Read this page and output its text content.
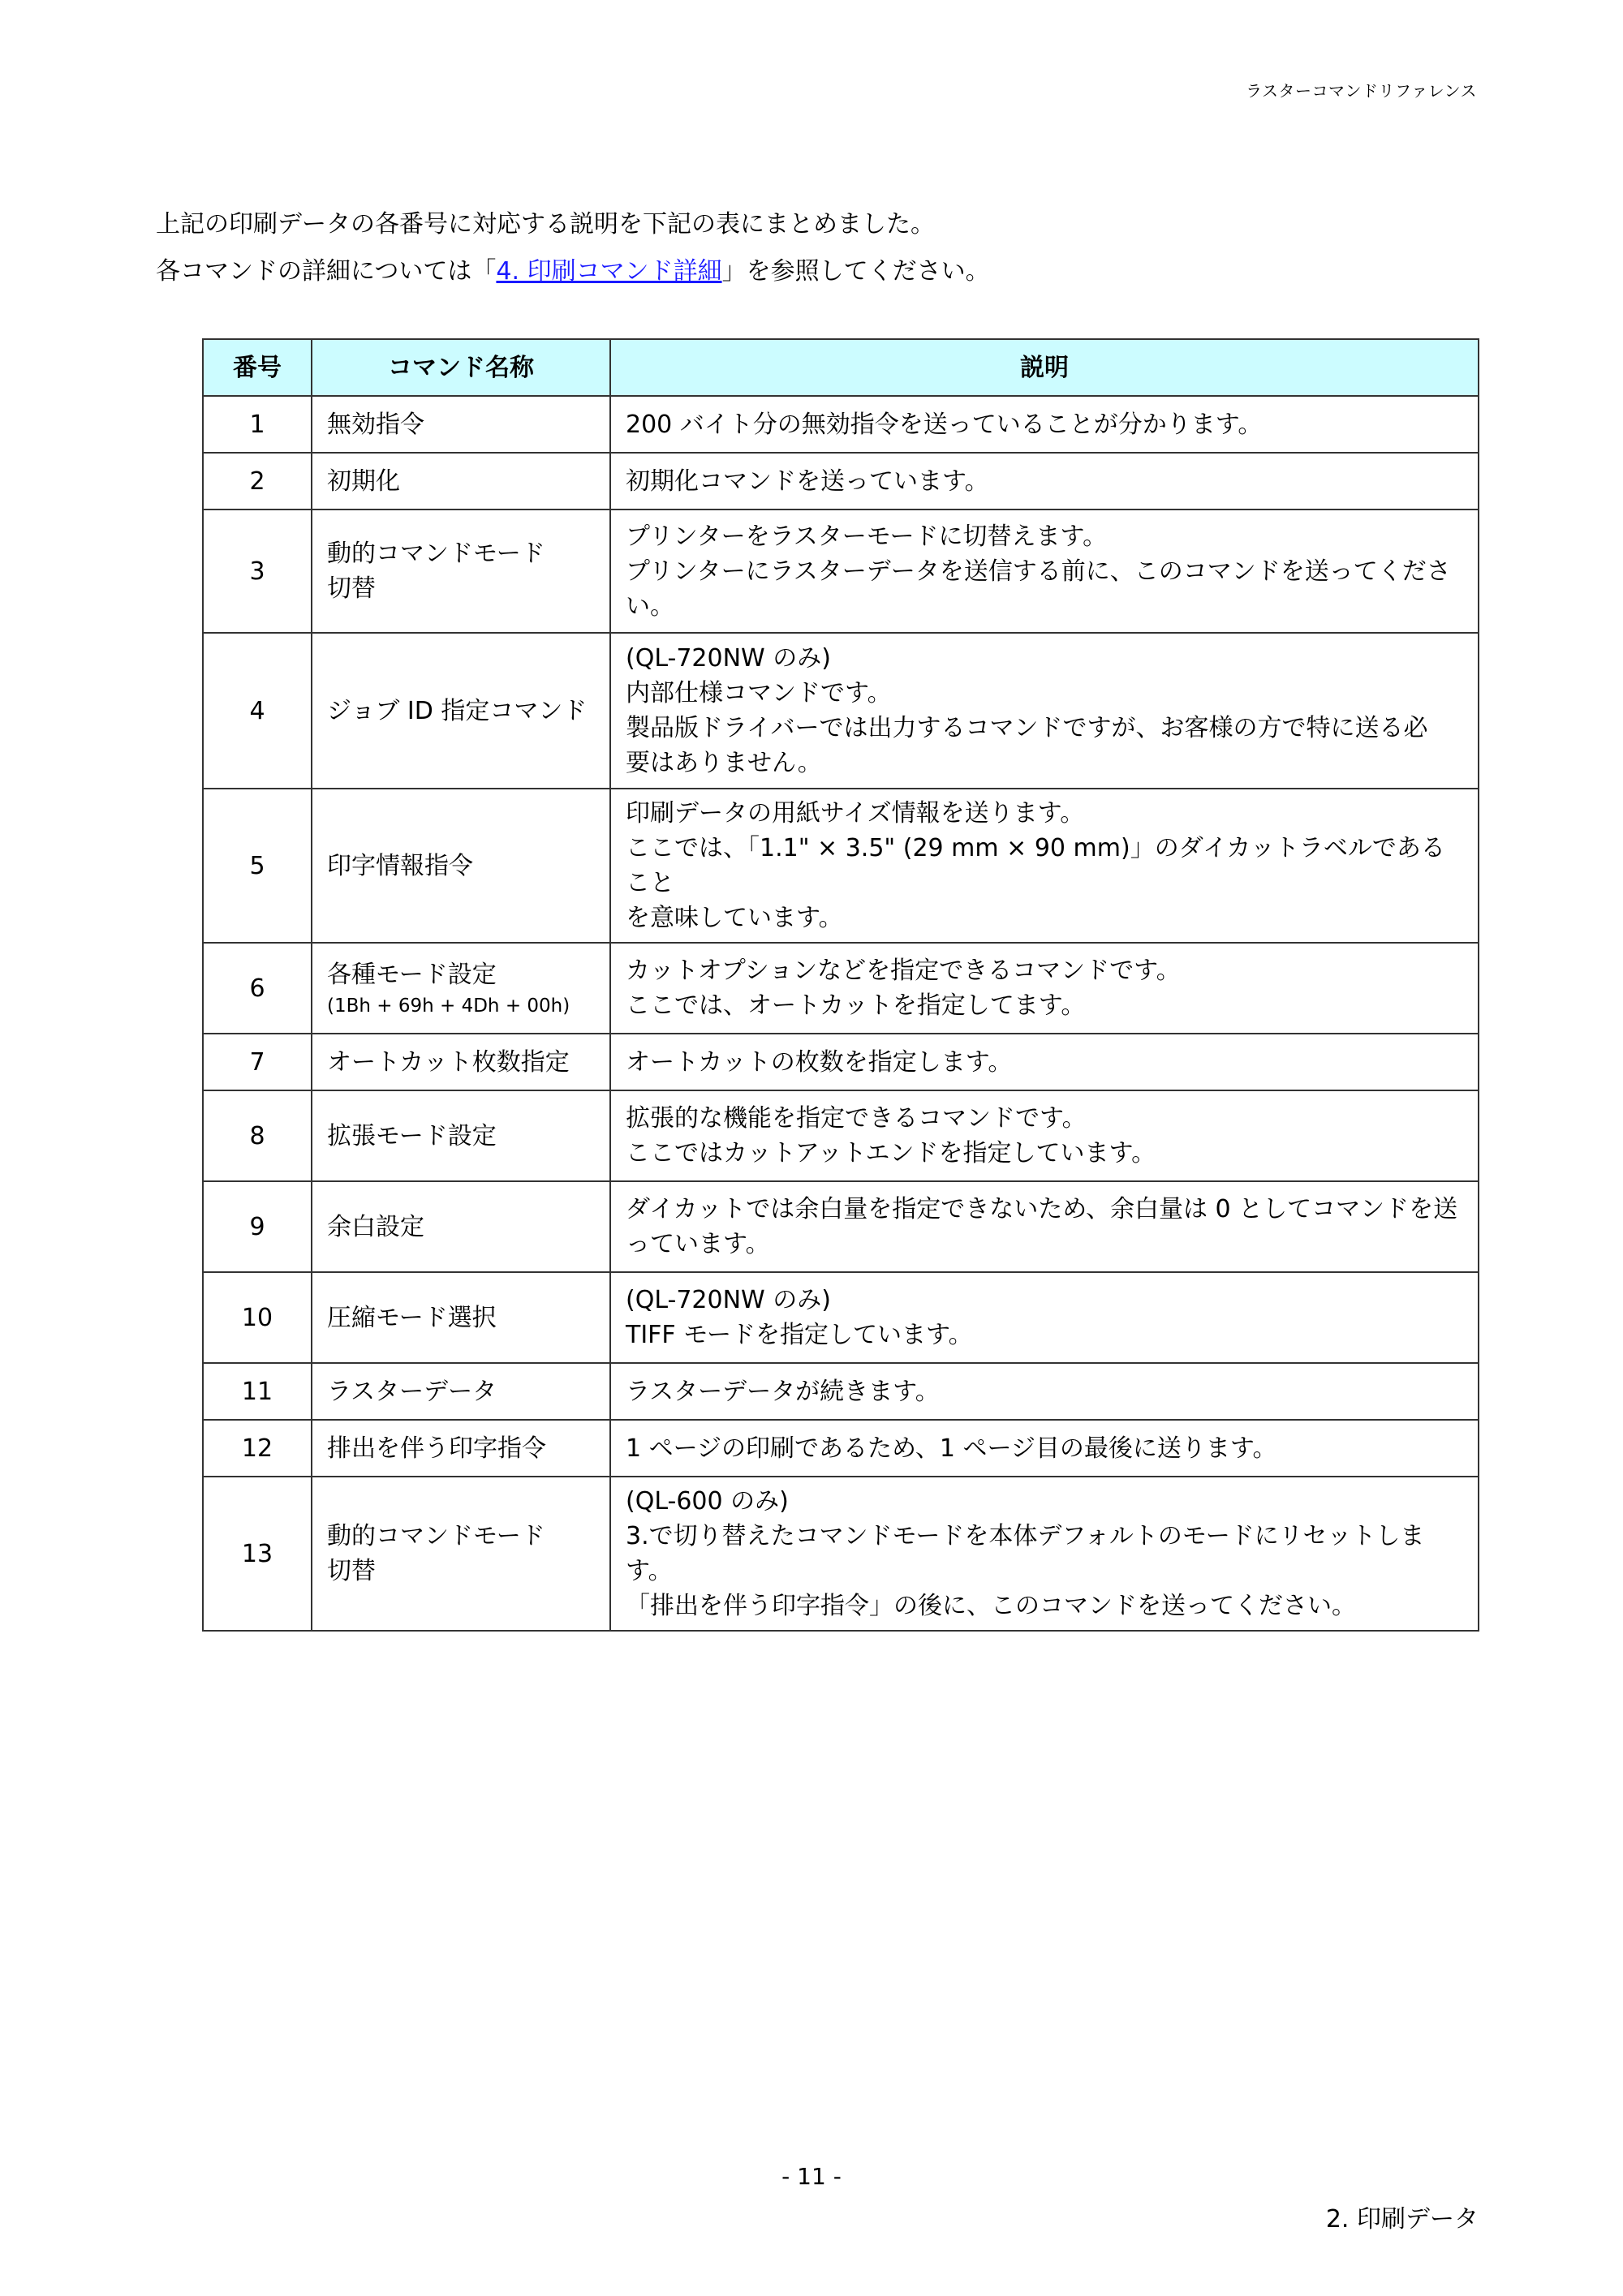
ラスターコマンドリファレンス

上記の印刷データの各番号に対応する説明を下記の表にまとめました。

各コマンドの詳細については「4. 印刷コマンド詳細」を参照してください。

番号	コマンド名称	説明
1	無効指令	200 バイト分の無効指令を送っていることが分かります。

2	初期化	初期化コマンドを送っています。

3	動的コマンドモード
切替	プリンターをラスターモードに切替えます。
プリンターにラスターデータを送信する前に、このコマンドを送ってくださ
い。

4	ジョブ ID 指定コマンド	(QL-720NW のみ)
内部仕様コマンドです。
製品版ドライバーでは出力するコマンドですが、お客様の方で特に送る必
要はありません。

5	印字情報指令	印刷データの用紙サイズ情報を送ります。
ここでは、「1.1" × 3.5" (29 mm × 90 mm)」のダイカットラベルであること
を意味しています。

6	各種モード設定
(1Bh + 69h + 4Dh + 00h)	カットオプションなどを指定できるコマンドです。
ここでは、オートカットを指定してます。

7	オートカット枚数指定	オートカットの枚数を指定します。

8	拡張モード設定	拡張的な機能を指定できるコマンドです。
ここではカットアットエンドを指定しています。

9	余白設定	ダイカットでは余白量を指定できないため、余白量は 0 としてコマンドを送
っています。

10	圧縮モード選択	(QL-720NW のみ)
TIFF モードを指定しています。

11	ラスターデータ	ラスターデータが続きます。

12	排出を伴う印字指令	1 ページの印刷であるため、1 ページ目の最後に送ります。

13	動的コマンドモード
切替	(QL-600 のみ)
3.で切り替えたコマンドモードを本体デフォルトのモードにリセットします。
「排出を伴う印字指令」の後に、このコマンドを送ってください。
- 11 -
2. 印刷データ
